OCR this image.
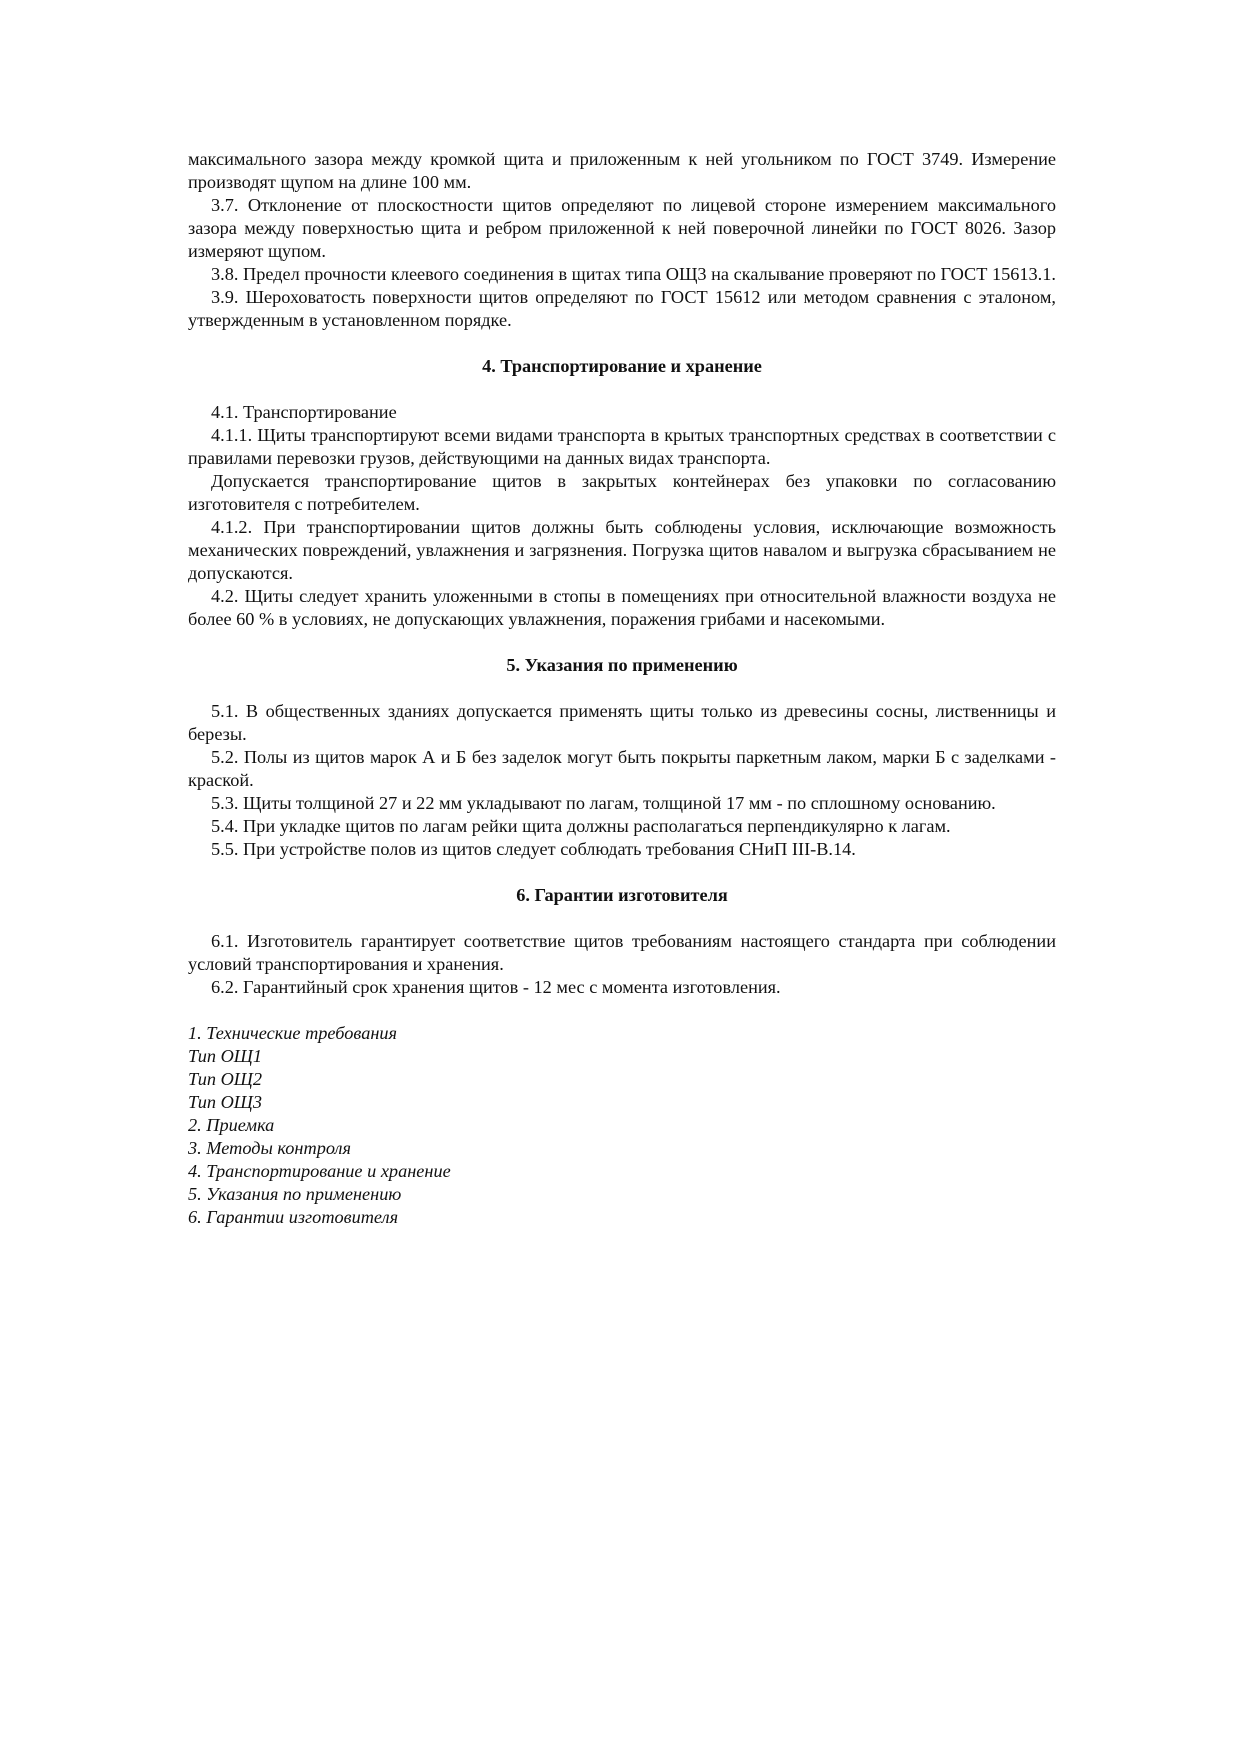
максимального зазора между кромкой щита и приложенным к ней угольником по ГОСТ 3749. Измерение производят щупом на длине 100 мм.

3.7. Отклонение от плоскостности щитов определяют по лицевой стороне измерением максимального зазора между поверхностью щита и ребром приложенной к ней поверочной линейки по ГОСТ 8026. Зазор измеряют щупом.

3.8. Предел прочности клеевого соединения в щитах типа ОЩ3 на скалывание проверяют по ГОСТ 15613.1.

3.9. Шероховатость поверхности щитов определяют по ГОСТ 15612 или методом сравнения с эталоном, утвержденным в установленном порядке.

4. Транспортирование и хранение

4.1. Транспортирование

4.1.1. Щиты транспортируют всеми видами транспорта в крытых транспортных средствах в соответствии с правилами перевозки грузов, действующими на данных видах транспорта.

Допускается транспортирование щитов в закрытых контейнерах без упаковки по согласованию изготовителя с потребителем.

4.1.2. При транспортировании щитов должны быть соблюдены условия, исключающие возможность механических повреждений, увлажнения и загрязнения. Погрузка щитов навалом и выгрузка сбрасыванием не допускаются.

4.2. Щиты следует хранить уложенными в стопы в помещениях при относительной влажности воздуха не более 60 % в условиях, не допускающих увлажнения, поражения грибами и насекомыми.

5. Указания по применению

5.1. В общественных зданиях допускается применять щиты только из древесины сосны, лиственницы и березы.

5.2. Полы из щитов марок А и Б без заделок могут быть покрыты паркетным лаком, марки Б с заделками - краской.

5.3. Щиты толщиной 27 и 22 мм укладывают по лагам, толщиной 17 мм - по сплошному основанию.

5.4. При укладке щитов по лагам рейки щита должны располагаться перпендикулярно к лагам.

5.5. При устройстве полов из щитов следует соблюдать требования СНиП III-В.14.

6. Гарантии изготовителя

6.1. Изготовитель гарантирует соответствие щитов требованиям настоящего стандарта при соблюдении условий транспортирования и хранения.

6.2. Гарантийный срок хранения щитов - 12 мес с момента изготовления.

1. Технические требования
Тип ОЩ1
Тип ОЩ2
Тип ОЩ3
2. Приемка
3. Методы контроля
4. Транспортирование и хранение
5. Указания по применению
6. Гарантии изготовителя
